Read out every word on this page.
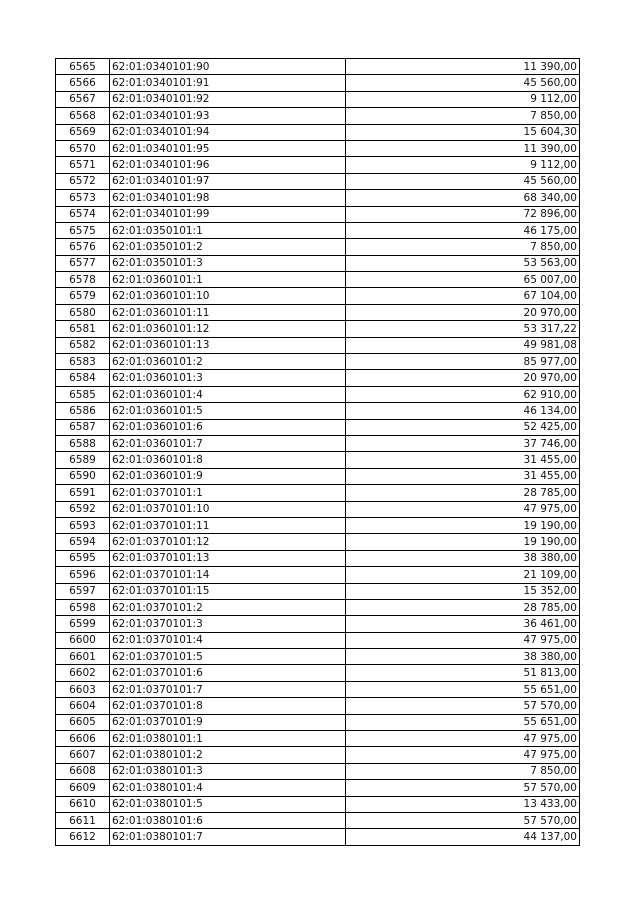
6565	62:01:0340101:90	11 390,00
6566	62:01:0340101:91	45 560,00
6567	62:01:0340101:92	9 112,00
6568	62:01:0340101:93	7 850,00
6569	62:01:0340101:94	15 604,30
6570	62:01:0340101:95	11 390,00
6571	62:01:0340101:96	9 112,00
6572	62:01:0340101:97	45 560,00
6573	62:01:0340101:98	68 340,00
6574	62:01:0340101:99	72 896,00
6575	62:01:0350101:1	46 175,00
6576	62:01:0350101:2	7 850,00
6577	62:01:0350101:3	53 563,00
6578	62:01:0360101:1	65 007,00
6579	62:01:0360101:10	67 104,00
6580	62:01:0360101:11	20 970,00
6581	62:01:0360101:12	53 317,22
6582	62:01:0360101:13	49 981,08
6583	62:01:0360101:2	85 977,00
6584	62:01:0360101:3	20 970,00
6585	62:01:0360101:4	62 910,00
6586	62:01:0360101:5	46 134,00
6587	62:01:0360101:6	52 425,00
6588	62:01:0360101:7	37 746,00
6589	62:01:0360101:8	31 455,00
6590	62:01:0360101:9	31 455,00
6591	62:01:0370101:1	28 785,00
6592	62:01:0370101:10	47 975,00
6593	62:01:0370101:11	19 190,00
6594	62:01:0370101:12	19 190,00
6595	62:01:0370101:13	38 380,00
6596	62:01:0370101:14	21 109,00
6597	62:01:0370101:15	15 352,00
6598	62:01:0370101:2	28 785,00
6599	62:01:0370101:3	36 461,00
6600	62:01:0370101:4	47 975,00
6601	62:01:0370101:5	38 380,00
6602	62:01:0370101:6	51 813,00
6603	62:01:0370101:7	55 651,00
6604	62:01:0370101:8	57 570,00
6605	62:01:0370101:9	55 651,00
6606	62:01:0380101:1	47 975,00
6607	62:01:0380101:2	47 975,00
6608	62:01:0380101:3	7 850,00
6609	62:01:0380101:4	57 570,00
6610	62:01:0380101:5	13 433,00
6611	62:01:0380101:6	57 570,00
6612	62:01:0380101:7	44 137,00
